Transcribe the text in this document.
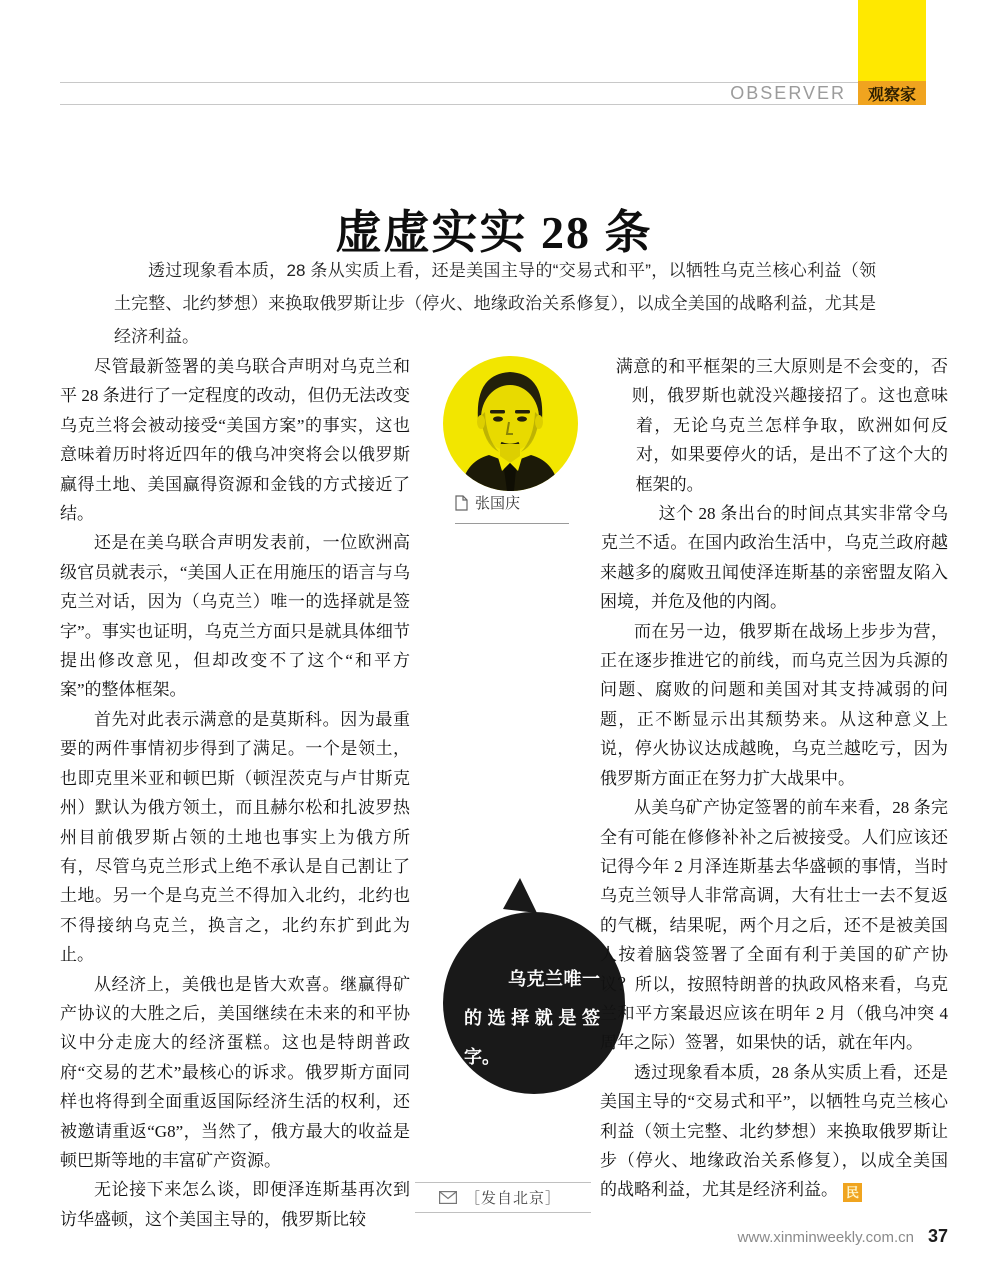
OBSERVER	观察家
虚虚实实 28 条

透过现象看本质，28 条从实质上看，还是美国主导的“交易式和平”，以牺牲乌克兰核心利益（领土完整、北约梦想）来换取俄罗斯让步（停火、地缘政治关系修复），以成全美国的战略利益，尤其是经济利益。

张国庆

乌克兰唯一的选择就是签字。

［发自北京］

尽管最新签署的美乌联合声明对乌克兰和平 28 条进行了一定程度的改动，但仍无法改变乌克兰将会被动接受“美国方案”的事实，这也意味着历时将近四年的俄乌冲突将会以俄罗斯赢得土地、美国赢得资源和金钱的方式接近了结。

还是在美乌联合声明发表前，一位欧洲高级官员就表示，“美国人正在用施压的语言与乌克兰对话，因为（乌克兰）唯一的选择就是签字”。事实也证明，乌克兰方面只是就具体细节提出修改意见，但却改变不了这个“和平方案”的整体框架。

首先对此表示满意的是莫斯科。因为最重要的两件事情初步得到了满足。一个是领土，也即克里米亚和顿巴斯（顿涅茨克与卢甘斯克州）默认为俄方领土，而且赫尔松和扎波罗热州目前俄罗斯占领的土地也事实上为俄方所有，尽管乌克兰形式上绝不承认是自己割让了土地。另一个是乌克兰不得加入北约，北约也不得接纳乌克兰，换言之，北约东扩到此为止。

从经济上，美俄也是皆大欢喜。继赢得矿产协议的大胜之后，美国继续在未来的和平协议中分走庞大的经济蛋糕。这也是特朗普政府“交易的艺术”最核心的诉求。俄罗斯方面同样也将得到全面重返国际经济生活的权利，还被邀请重返“G8”，当然了，俄方最大的收益是顿巴斯等地的丰富矿产资源。

无论接下来怎么谈，即便泽连斯基再次到访华盛顿，这个美国主导的，俄罗斯比较

满意的和平框架的三大原则是不会变的，否则，俄罗斯也就没兴趣接招了。这也意味着，无论乌克兰怎样争取，欧洲如何反对，如果要停火的话，是出不了这个大的框架的。

这个 28 条出台的时间点其实非常令乌克兰不适。在国内政治生活中，乌克兰政府越来越多的腐败丑闻使泽连斯基的亲密盟友陷入困境，并危及他的内阁。

而在另一边，俄罗斯在战场上步步为营，正在逐步推进它的前线，而乌克兰因为兵源的问题、腐败的问题和美国对其支持减弱的问题，正不断显示出其颓势来。从这种意义上说，停火协议达成越晚，乌克兰越吃亏，因为俄罗斯方面正在努力扩大战果中。

从美乌矿产协定签署的前车来看，28 条完全有可能在修修补补之后被接受。人们应该还记得今年 2 月泽连斯基去华盛顿的事情，当时乌克兰领导人非常高调，大有壮士一去不复返的气概，结果呢，两个月之后，还不是被美国人按着脑袋签署了全面有利于美国的矿产协议？所以，按照特朗普的执政风格来看，乌克兰和平方案最迟应该在明年 2 月（俄乌冲突 4 周年之际）签署，如果快的话，就在年内。

透过现象看本质，28 条从实质上看，还是美国主导的“交易式和平”，以牺牲乌克兰核心利益（领土完整、北约梦想）来换取俄罗斯让步（停火、地缘政治关系修复），以成全美国的战略利益，尤其是经济利益。 民

www.xinminweekly.com.cn 37
